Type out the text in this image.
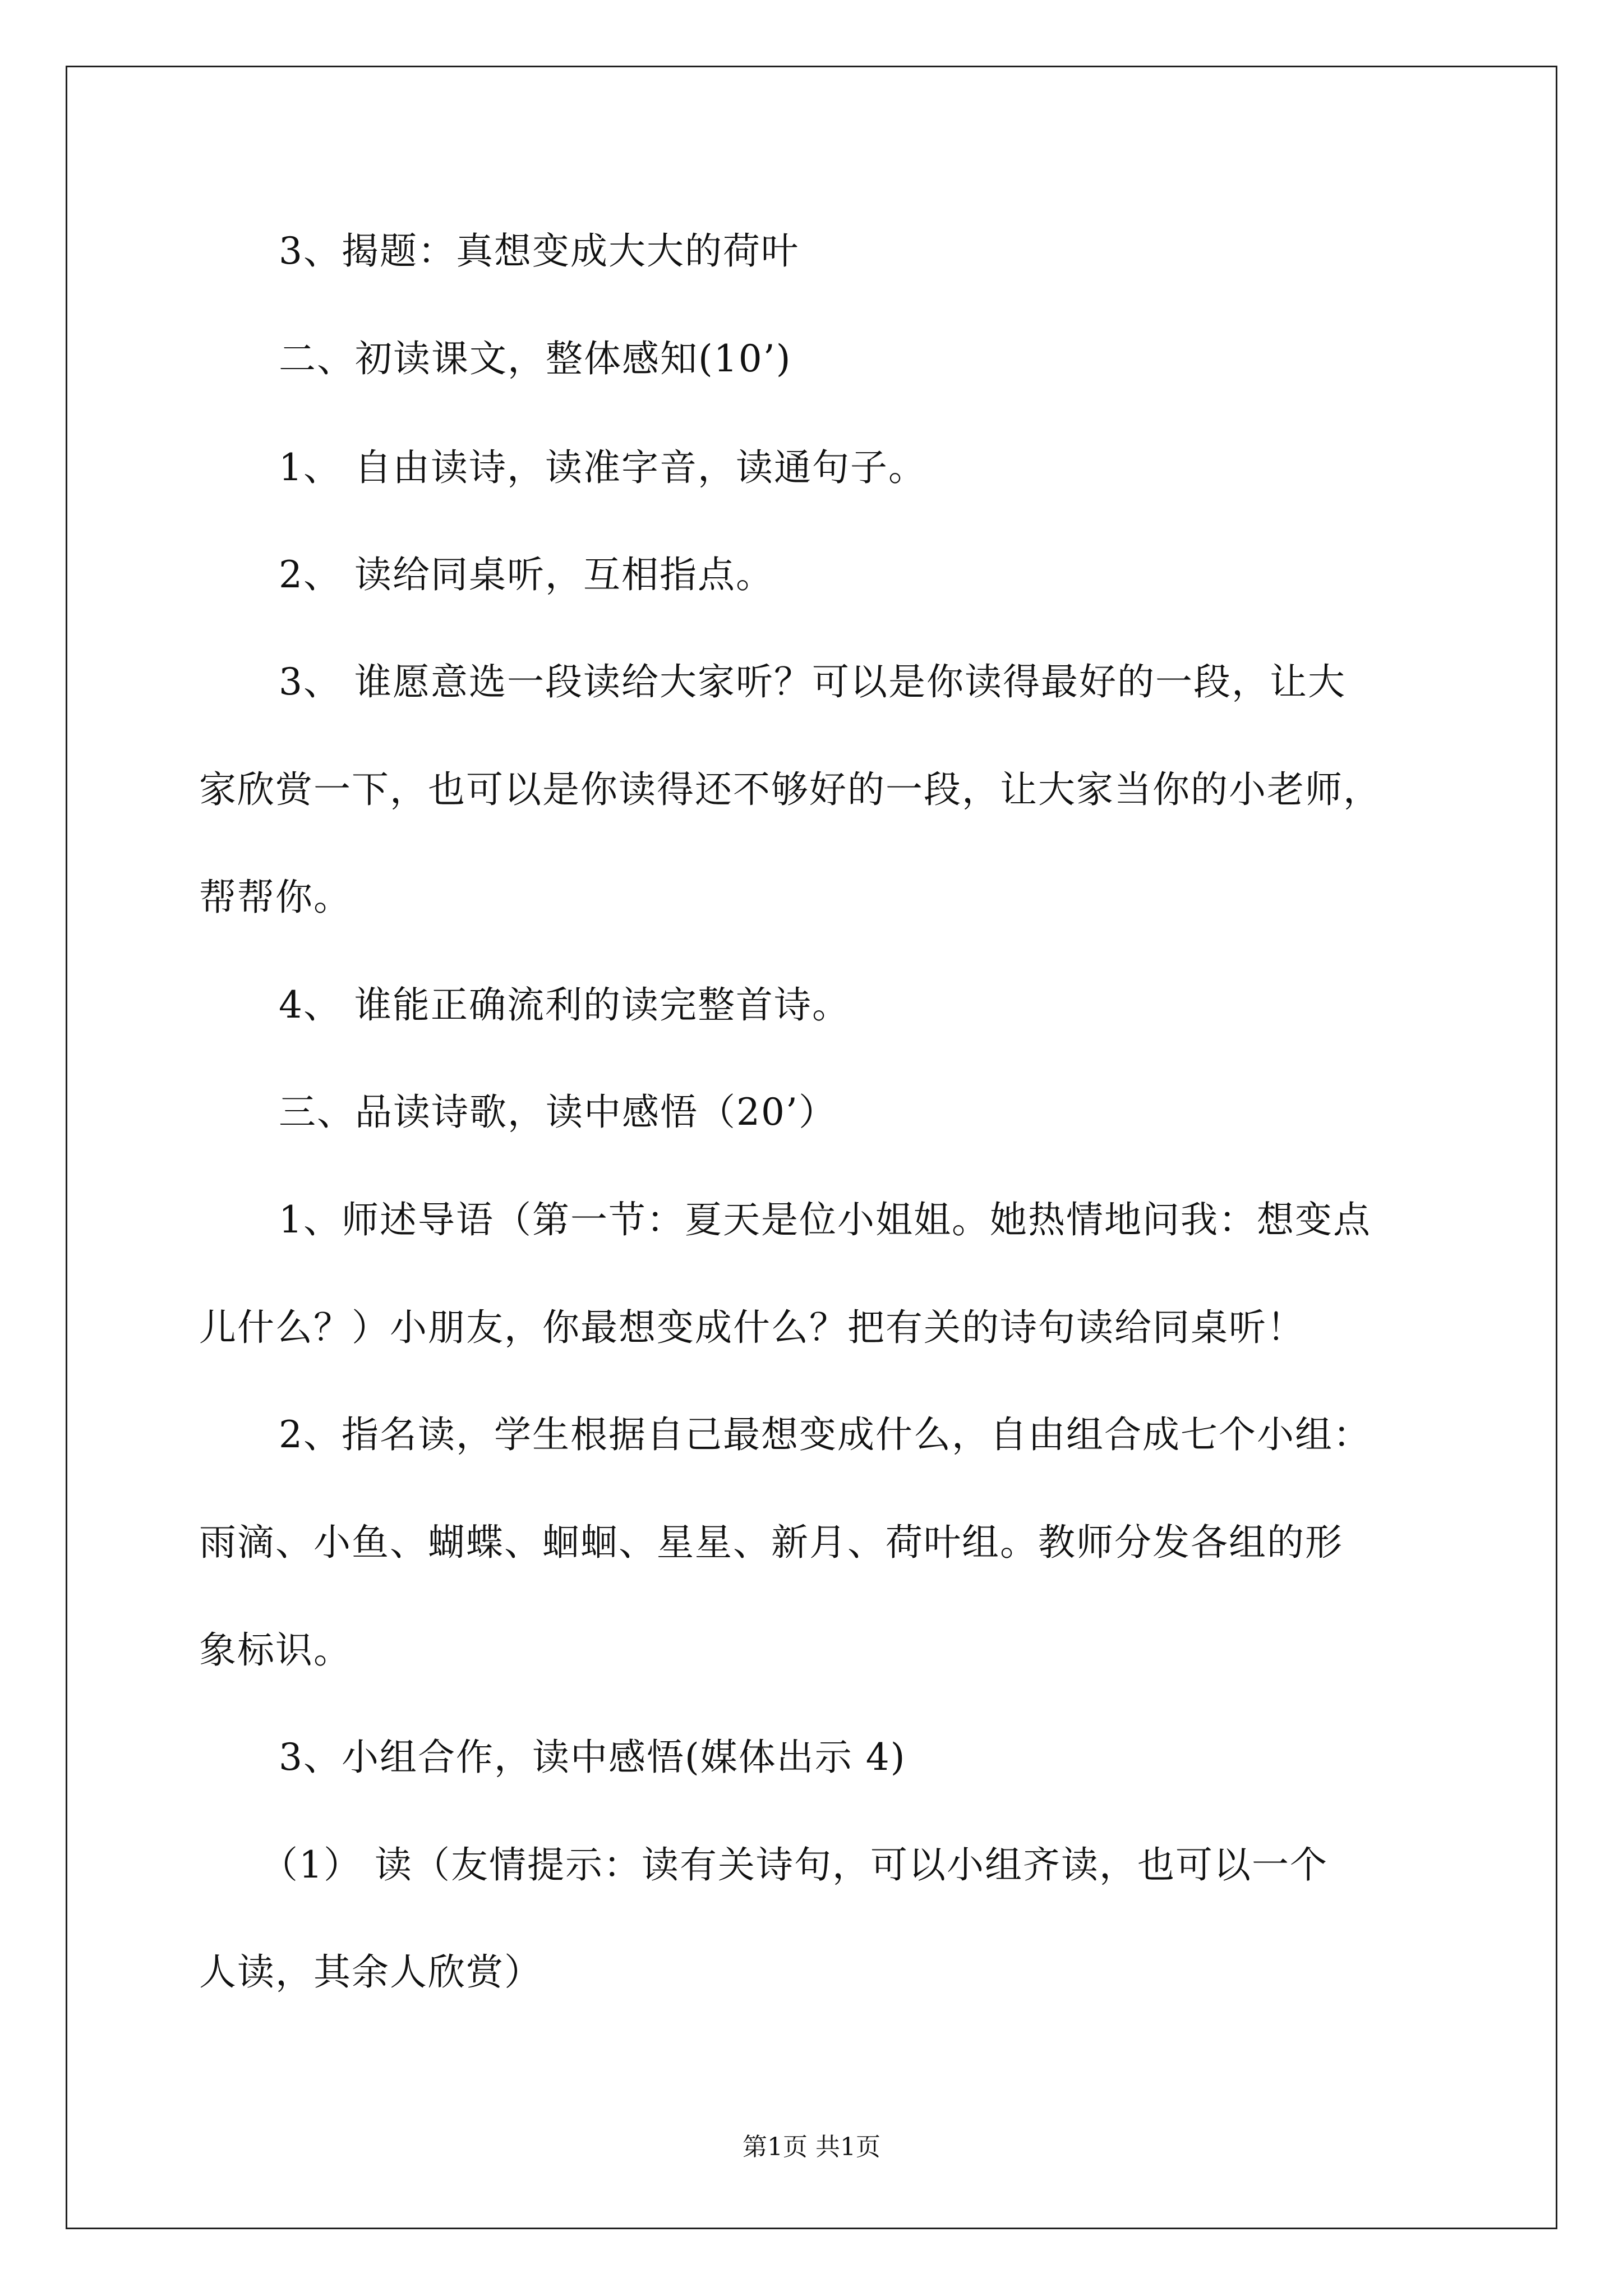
3、揭题：真想变成大大的荷叶
二、初读课文，整体感知(10’)
1、 自由读诗，读准字音，读通句子。
2、 读给同桌听，互相指点。
3、 谁愿意选一段读给大家听？可以是你读得最好的一段，让大
家欣赏一下，也可以是你读得还不够好的一段，让大家当你的小老师，
帮帮你。
4、 谁能正确流利的读完整首诗。
三、品读诗歌，读中感悟（20’）
1、师述导语（第一节：夏天是位小姐姐。她热情地问我：想变点
儿什么？）小朋友，你最想变成什么？把有关的诗句读给同桌听！
2、指名读，学生根据自己最想变成什么，自由组合成七个小组：
雨滴、小鱼、蝴蝶、蛔蛔、星星、新月、荷叶组。教师分发各组的形
象标识。
3、小组合作，读中感悟(媒体出示 4)
（1） 读（友情提示：读有关诗句，可以小组齐读，也可以一个
人读，其余人欣赏）
第1页 共1页
